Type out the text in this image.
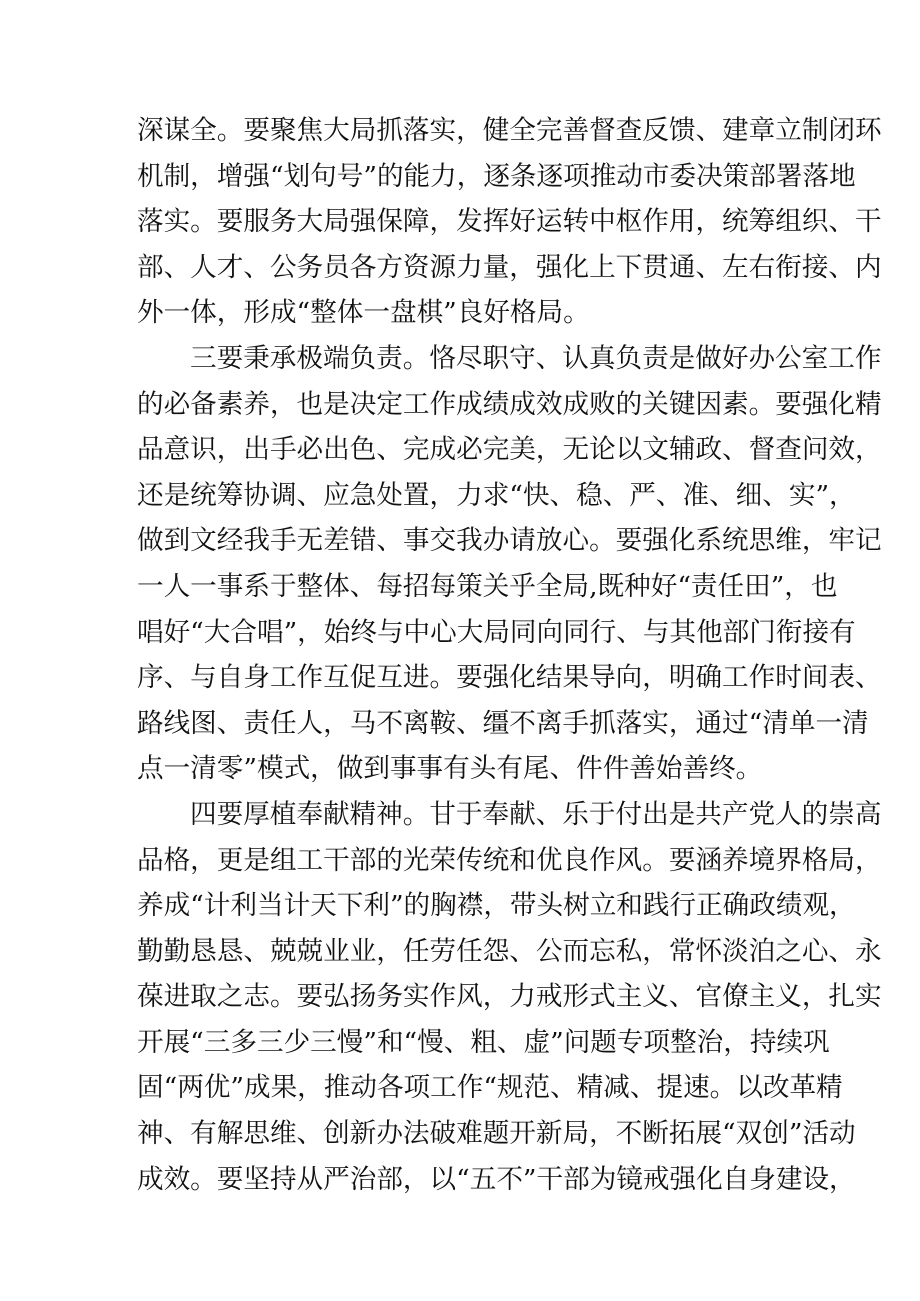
深谋全。要聚焦大局抓落实，健全完善督查反馈、建章立制闭环
机制，增强“划句号”的能力，逐条逐项推动市委决策部署落地
落实。要服务大局强保障，发挥好运转中枢作用，统筹组织、干
部、人才、公务员各方资源力量，强化上下贯通、左右衔接、内
外一体，形成“整体一盘棋”良好格局。
三要秉承极端负责。恪尽职守、认真负责是做好办公室工作
的必备素养，也是决定工作成绩成效成败的关键因素。要强化精
品意识，出手必出色、完成必完美，无论以文辅政、督查问效，
还是统筹协调、应急处置，力求“快、稳、严、准、细、实”，
做到文经我手无差错、事交我办请放心。要强化系统思维，牢记
一人一事系于整体、每招每策关乎全局,既种好“责任田”，也
唱好“大合唱”，始终与中心大局同向同行、与其他部门衔接有
序、与自身工作互促互进。要强化结果导向，明确工作时间表、
路线图、责任人，马不离鞍、缰不离手抓落实，通过“清单一清
点一清零”模式，做到事事有头有尾、件件善始善终。
四要厚植奉献精神。甘于奉献、乐于付出是共产党人的崇高
品格，更是组工干部的光荣传统和优良作风。要涵养境界格局，
养成“计利当计天下利”的胸襟，带头树立和践行正确政绩观，
勤勤恳恳、兢兢业业，任劳任怨、公而忘私，常怀淡泊之心、永
葆进取之志。要弘扬务实作风，力戒形式主义、官僚主义，扎实
开展“三多三少三慢”和“慢、粗、虚”问题专项整治，持续巩
固“两优”成果，推动各项工作“规范、精减、提速。以改革精
神、有解思维、创新办法破难题开新局，不断拓展“双创”活动
成效。要坚持从严治部，以“五不”干部为镜戒强化自身建设，
